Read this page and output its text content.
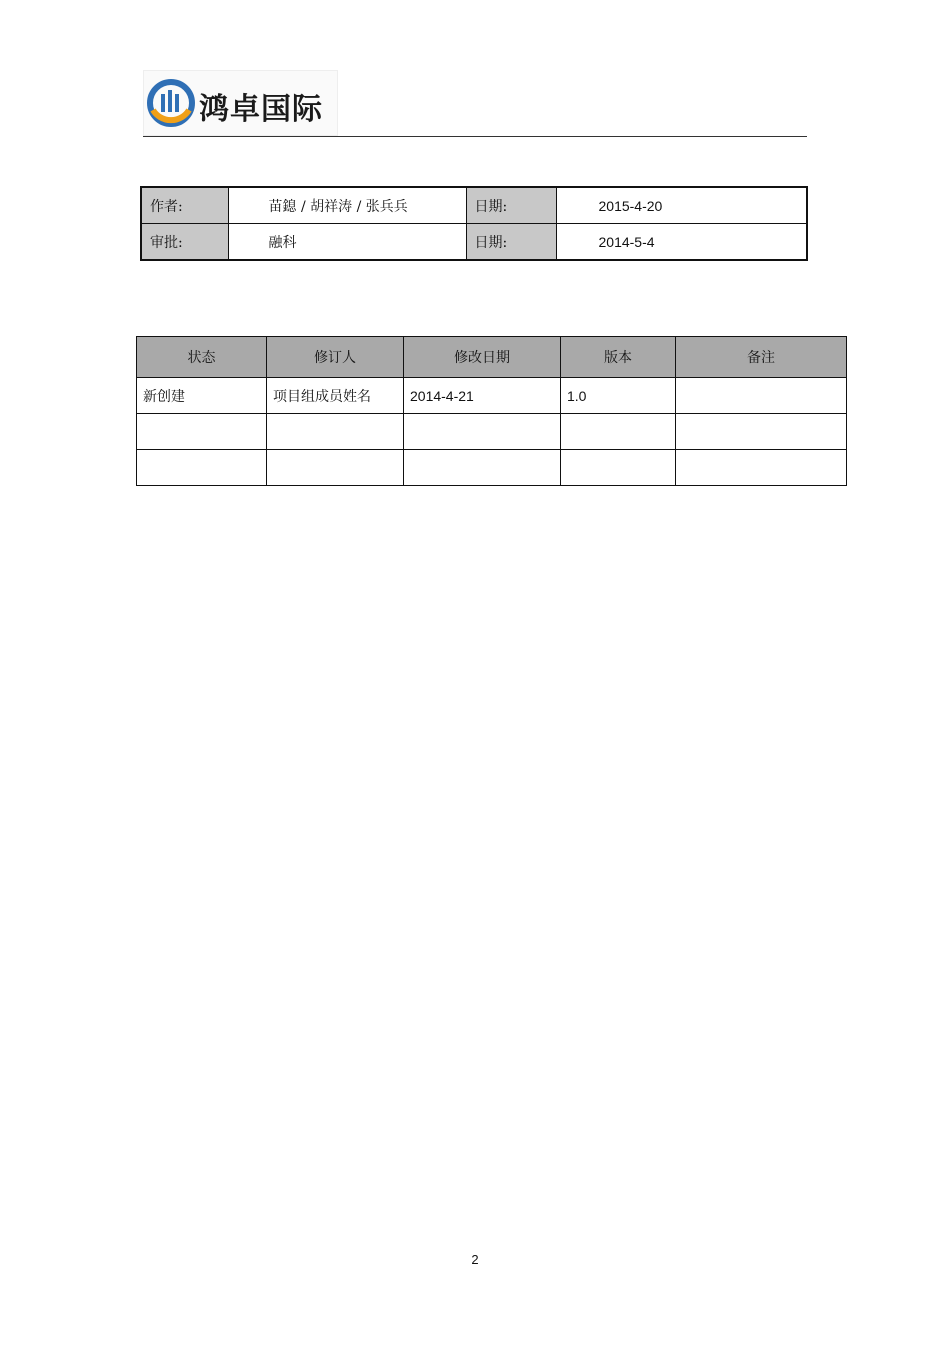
鸿卓国际
作者:	苗鎴 / 胡祥涛 / 张兵兵	日期:	2015-4-20
审批:	融科	日期:	2014-5-4
状态	修订人	修改日期	版本	备注
新创建	项目组成员姓名	2014-4-21	1.0	

2
